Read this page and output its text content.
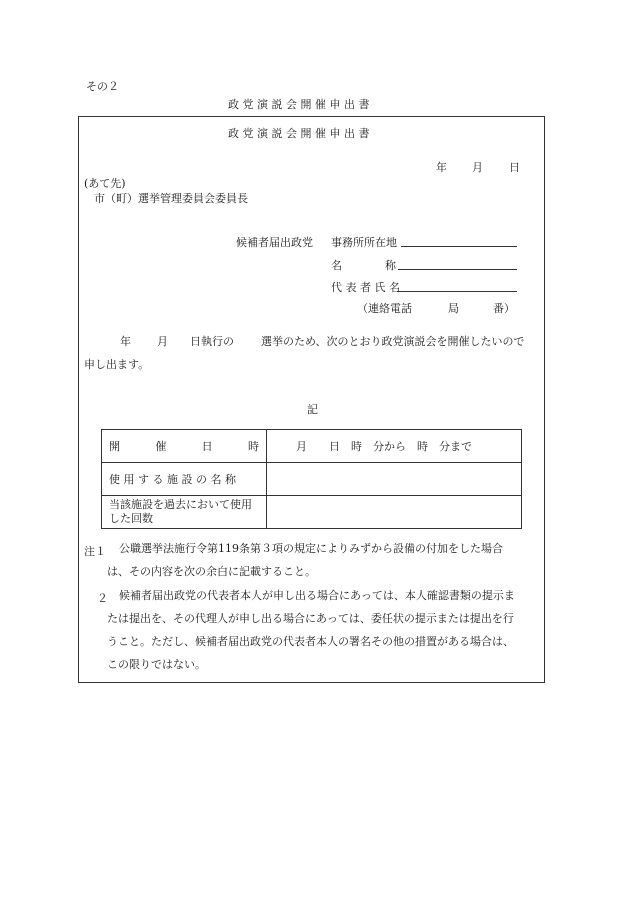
その２
政 党 演 説 会 開 催 申 出 書
政 党 演 説 会 開 催 申 出 書
年 月 日
(あて先)
市（町）選挙管理委員会委員長
候補者届出政党 事務所所在地
名	称
代 表 者 氏 名
（連絡電話	局	番）
年 月 日執行の 選挙のため、次のとおり政党演説会を開催したいので
申し出ます。
記
開 催 日 時	月　　日　時　分から　時　分まで
使 用 す る 施 設 の 名 称	

当該施設を過去において使用
した回数	

注１ 公職選挙法施行令第119条第３項の規定によりみずから設備の付加をした場合
は、その内容を次の余白に記載すること。
２ 候補者届出政党の代表者本人が申し出る場合にあっては、本人確認書類の提示ま
たは提出を、その代理人が申し出る場合にあっては、委任状の提示または提出を行
うこと。ただし、候補者届出政党の代表者本人の署名その他の措置がある場合は、
この限りではない。
